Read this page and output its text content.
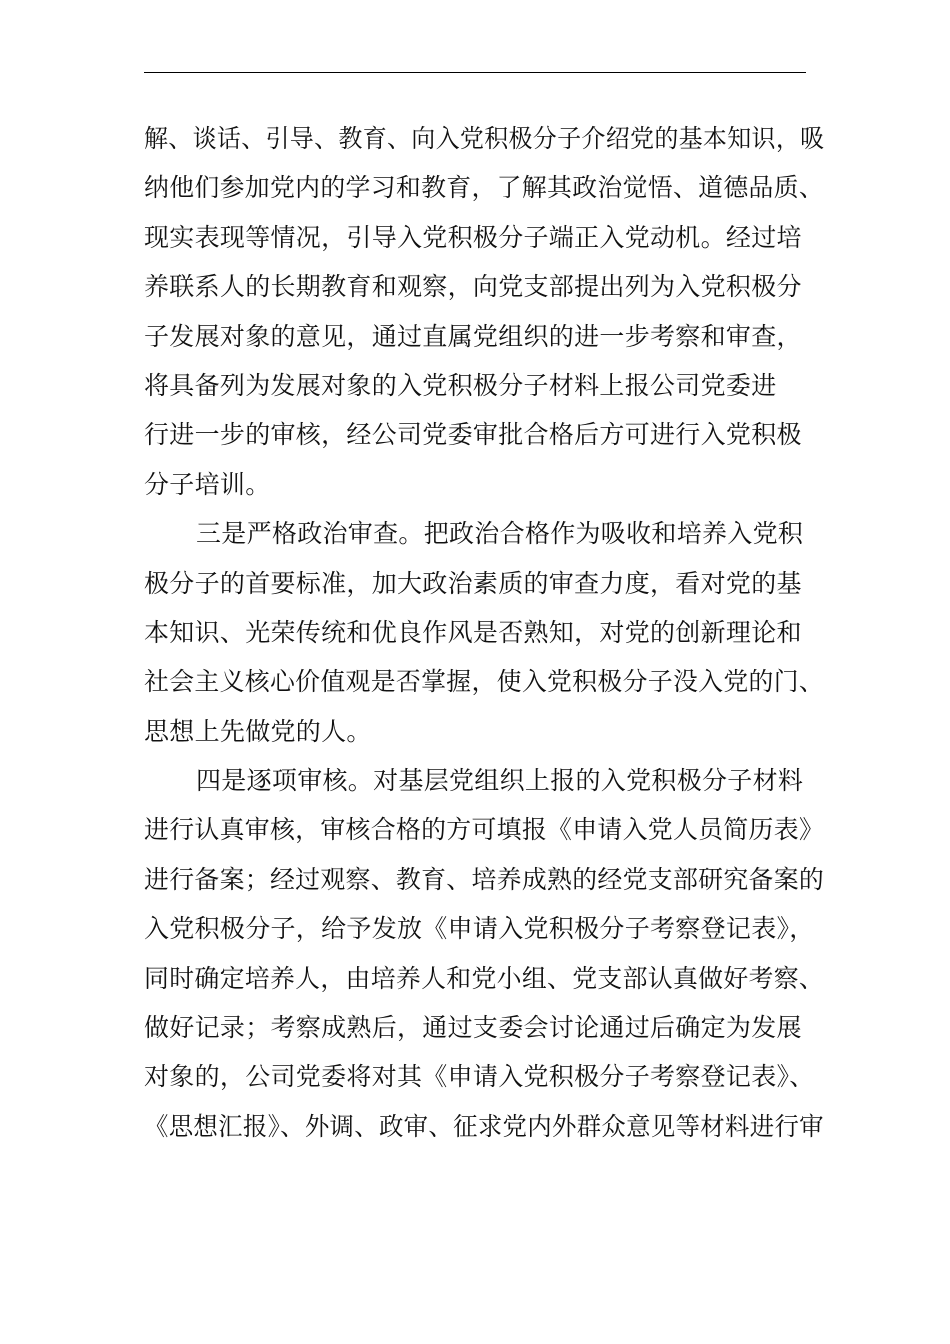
解、谈话、引导、教育、向入党积极分子介绍党的基本知识，吸
纳他们参加党内的学习和教育，了解其政治觉悟、道德品质、
现实表现等情况，引导入党积极分子端正入党动机。经过培
养联系人的长期教育和观察，向党支部提出列为入党积极分
子发展对象的意见，通过直属党组织的进一步考察和审查，
将具备列为发展对象的入党积极分子材料上报公司党委进
行进一步的审核，经公司党委审批合格后方可进行入党积极
分子培训。
三是严格政治审查。把政治合格作为吸收和培养入党积
极分子的首要标准，加大政治素质的审查力度，看对党的基
本知识、光荣传统和优良作风是否熟知，对党的创新理论和
社会主义核心价值观是否掌握，使入党积极分子没入党的门、
思想上先做党的人。
四是逐项审核。对基层党组织上报的入党积极分子材料
进行认真审核，审核合格的方可填报《申请入党人员简历表》
进行备案；经过观察、教育、培养成熟的经党支部研究备案的
入党积极分子，给予发放《申请入党积极分子考察登记表》，
同时确定培养人，由培养人和党小组、党支部认真做好考察、
做好记录；考察成熟后，通过支委会讨论通过后确定为发展
对象的，公司党委将对其《申请入党积极分子考察登记表》、
《思想汇报》、外调、政审、征求党内外群众意见等材料进行审
